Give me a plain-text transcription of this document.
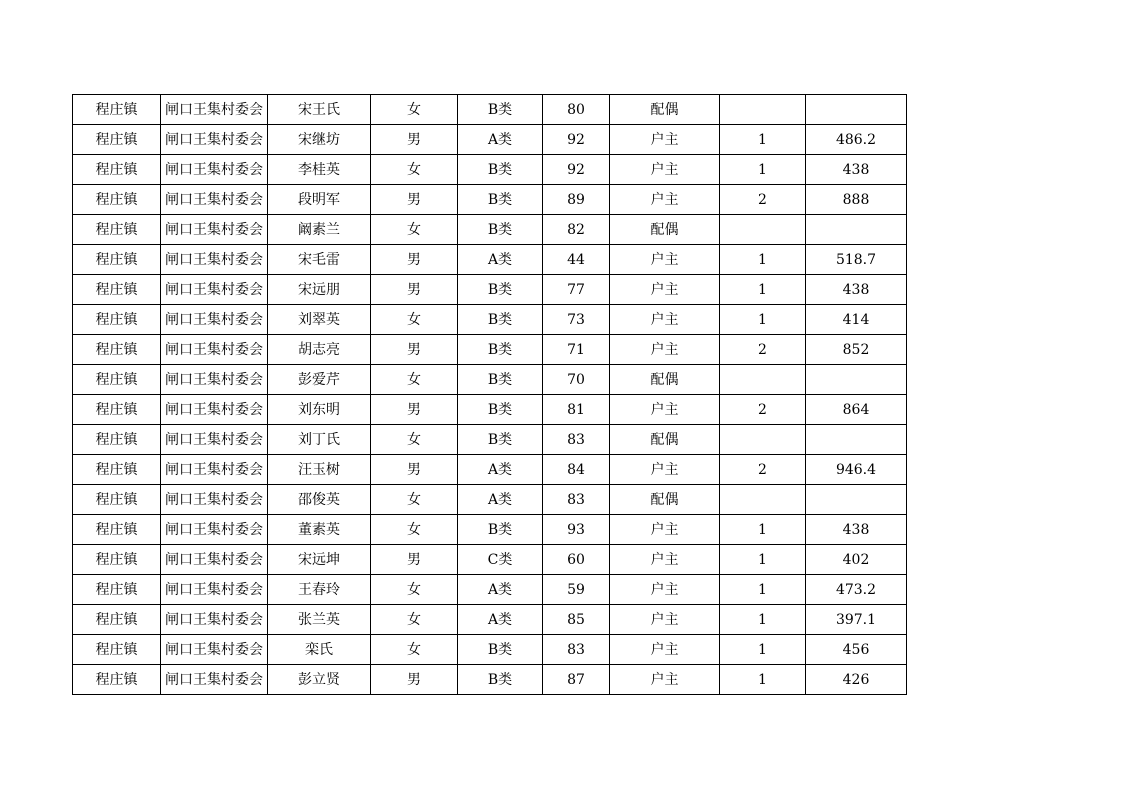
程庄镇	闸口王集村委会	宋王氏	女	B类	80	配偶		
程庄镇	闸口王集村委会	宋继坊	男	A类	92	户主	1	486.2
程庄镇	闸口王集村委会	李桂英	女	B类	92	户主	1	438
程庄镇	闸口王集村委会	段明军	男	B类	89	户主	2	888
程庄镇	闸口王集村委会	阚素兰	女	B类	82	配偶		
程庄镇	闸口王集村委会	宋毛雷	男	A类	44	户主	1	518.7
程庄镇	闸口王集村委会	宋远朋	男	B类	77	户主	1	438
程庄镇	闸口王集村委会	刘翠英	女	B类	73	户主	1	414
程庄镇	闸口王集村委会	胡志亮	男	B类	71	户主	2	852
程庄镇	闸口王集村委会	彭爱芹	女	B类	70	配偶		
程庄镇	闸口王集村委会	刘东明	男	B类	81	户主	2	864
程庄镇	闸口王集村委会	刘丁氏	女	B类	83	配偶		
程庄镇	闸口王集村委会	汪玉树	男	A类	84	户主	2	946.4
程庄镇	闸口王集村委会	邵俊英	女	A类	83	配偶		
程庄镇	闸口王集村委会	董素英	女	B类	93	户主	1	438
程庄镇	闸口王集村委会	宋远坤	男	C类	60	户主	1	402
程庄镇	闸口王集村委会	王春玲	女	A类	59	户主	1	473.2
程庄镇	闸口王集村委会	张兰英	女	A类	85	户主	1	397.1
程庄镇	闸口王集村委会	栾氏	女	B类	83	户主	1	456
程庄镇	闸口王集村委会	彭立贤	男	B类	87	户主	1	426
